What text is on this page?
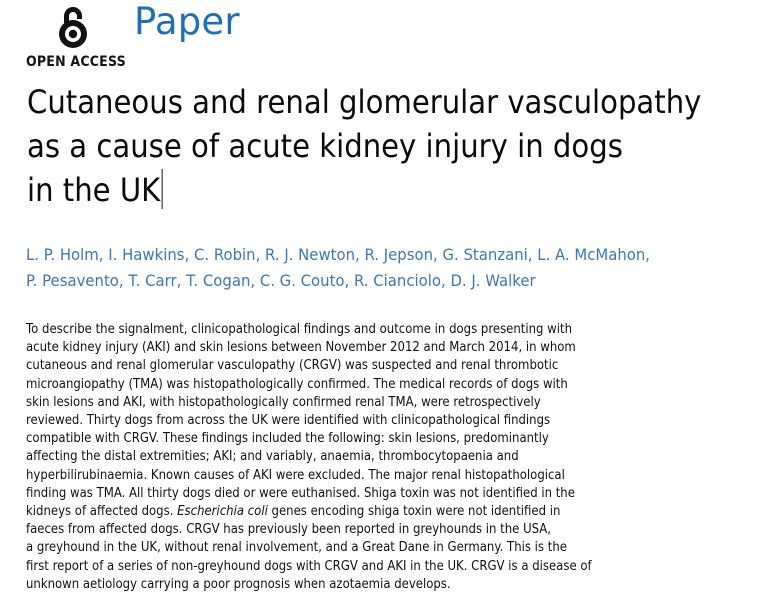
Paper
OPEN ACCESS
Cutaneous and renal glomerular vasculopathy
as a cause of acute kidney injury in dogs
in the UK
L. P. Holm, I. Hawkins, C. Robin, R. J. Newton, R. Jepson, G. Stanzani, L. A. McMahon,
P. Pesavento, T. Carr, T. Cogan, C. G. Couto, R. Cianciolo, D. J. Walker
To describe the signalment, clinicopathological findings and outcome in dogs presenting with
acute kidney injury (AKI) and skin lesions between November 2012 and March 2014, in whom
cutaneous and renal glomerular vasculopathy (CRGV) was suspected and renal thrombotic
microangiopathy (TMA) was histopathologically confirmed. The medical records of dogs with
skin lesions and AKI, with histopathologically confirmed renal TMA, were retrospectively
reviewed. Thirty dogs from across the UK were identified with clinicopathological findings
compatible with CRGV. These findings included the following: skin lesions, predominantly
affecting the distal extremities; AKI; and variably, anaemia, thrombocytopaenia and
hyperbilirubinaemia. Known causes of AKI were excluded. The major renal histopathological
finding was TMA. All thirty dogs died or were euthanised. Shiga toxin was not identified in the
kidneys of affected dogs. Escherichia coli genes encoding shiga toxin were not identified in
faeces from affected dogs. CRGV has previously been reported in greyhounds in the USA,
a greyhound in the UK, without renal involvement, and a Great Dane in Germany. This is the
first report of a series of non-greyhound dogs with CRGV and AKI in the UK. CRGV is a disease of
unknown aetiology carrying a poor prognosis when azotaemia develops.
